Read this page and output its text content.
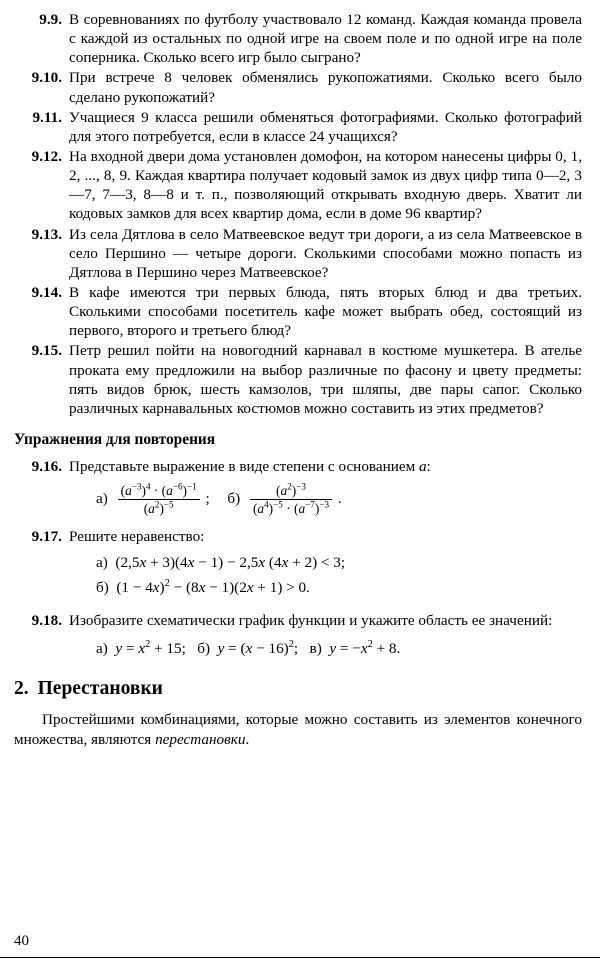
9.9. В соревнованиях по футболу участвовало 12 команд. Каждая команда провела с каждой из остальных по одной игре на своем поле и по одной игре на поле соперника. Сколько всего игр было сыграно?
9.10. При встрече 8 человек обменялись рукопожатиями. Сколько всего было сделано рукопожатий?
9.11. Учащиеся 9 класса решили обменяться фотографиями. Сколько фотографий для этого потребуется, если в классе 24 учащихся?
9.12. На входной двери дома установлен домофон, на котором нанесены цифры 0, 1, 2, ..., 8, 9. Каждая квартира получает кодовый замок из двух цифр типа 0—2, 3—7, 7—3, 8—8 и т. п., позволяющий открывать входную дверь. Хватит ли кодовых замков для всех квартир дома, если в доме 96 квартир?
9.13. Из села Дятлова в село Матвеевское ведут три дороги, а из села Матвеевское в село Першино — четыре дороги. Сколькими способами можно попасть из Дятлова в Першино через Матвеевское?
9.14. В кафе имеются три первых блюда, пять вторых блюд и два третьих. Сколькими способами посетитель кафе может выбрать обед, состоящий из первого, второго и третьего блюд?
9.15. Петр решил пойти на новогодний карнавал в костюме мушкетера. В ателье проката ему предложили на выбор различные по фасону и цвету предметы: пять видов брюк, шесть камзолов, три шляпы, две пары сапог. Сколько различных карнавальных костюмов можно составить из этих предметов?
Упражнения для повторения
9.16. Представьте выражение в виде степени с основанием a:
$а) \frac{(a^{-3})^4 \cdot (a^{-6})^{-1}}{(a^2)^{-5}}$ ; $б) \frac{(a^2)^{-3}}{(a^4)^{-5} \cdot (a^{-7})^{-3}}$ .
9.17. Решите неравенство:
а)  (2,5x + 3)(4x − 1) − 2,5x (4x + 2) < 3;
б)  $(1 - 4x)^2 - (8x - 1)(2x + 1) > 0$.
9.18. Изобразите схематически график функции и укажите область ее значений:
а)  $y = x^2 + 15$; б)  $y = (x - 16)^2$; в)  $y = -x^2 + 8$.
2. Перестановки
Простейшими комбинациями, которые можно составить из элементов конечного множества, являются перестановки.
40
